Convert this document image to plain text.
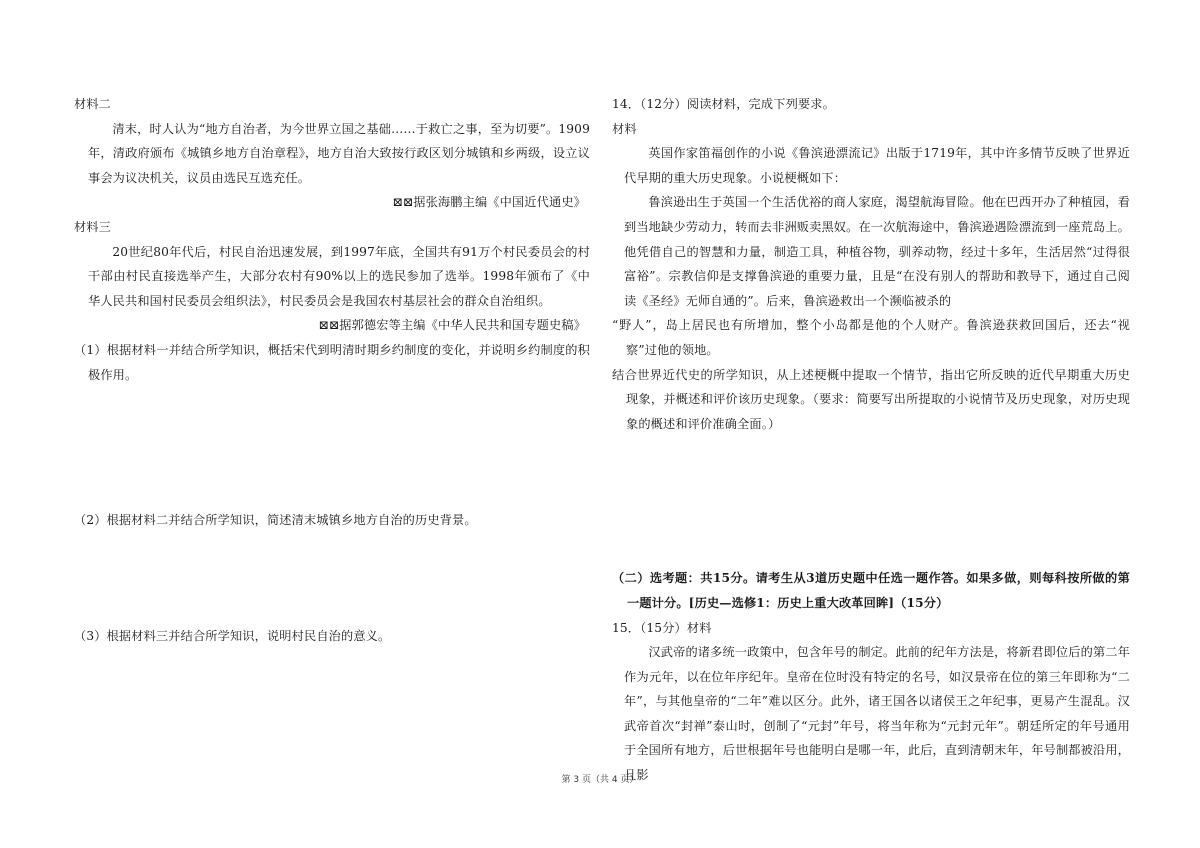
材料二

清末，时人认为“地方自治者，为今世界立国之基础……于救亡之事，至为切要”。1909年，清政府颁布《城镇乡地方自治章程》，地方自治大致按行政区划分城镇和乡两级，设立议事会为议决机关，议员由选民互选充任。

⊠⊠据张海鹏主编《中国近代通史》

材料三

20世纪80年代后，村民自治迅速发展，到1997年底，全国共有91万个村民委员会的村干部由村民直接选举产生，大部分农村有90%以上的选民参加了选举。1998年颁布了《中华人民共和国村民委员会组织法》，村民委员会是我国农村基层社会的群众自治组织。

⊠⊠据郭德宏等主编《中华人民共和国专题史稿》

（1）根据材料一并结合所学知识，概括宋代到明清时期乡约制度的变化，并说明乡约制度的积极作用。

（2）根据材料二并结合所学知识，简述清末城镇乡地方自治的历史背景。

（3）根据材料三并结合所学知识，说明村民自治的意义。

14．（12分）阅读材料，完成下列要求。

材料

英国作家笛福创作的小说《鲁滨逊漂流记》出版于1719年，其中许多情节反映了世界近代早期的重大历史现象。小说梗概如下：

鲁滨逊出生于英国一个生活优裕的商人家庭，渴望航海冒险。他在巴西开办了种植园，看到当地缺少劳动力，转而去非洲贩卖黑奴。在一次航海途中，鲁滨逊遇险漂流到一座荒岛上。他凭借自己的智慧和力量，制造工具，种植谷物，驯养动物，经过十多年，生活居然“过得很富裕”。宗教信仰是支撑鲁滨逊的重要力量，且是“在没有别人的帮助和教导下，通过自己阅读《圣经》无师自通的”。后来，鲁滨逊救出一个濒临被杀的

“野人”，岛上居民也有所增加，整个小岛都是他的个人财产。鲁滨逊获救回国后，还去“视察”过他的领地。

结合世界近代史的所学知识，从上述梗概中提取一个情节，指出它所反映的近代早期重大历史现象，并概述和评价该历史现象。（要求：简要写出所提取的小说情节及历史现象，对历史现象的概述和评价准确全面。）

（二）选考题：共15分。请考生从3道历史题中任选一题作答。如果多做，则每科按所做的第一题计分。[历史—选修1：历史上重大改革回眸]（15分）

15．（15分）材料

汉武帝的诸多统一政策中，包含年号的制定。此前的纪年方法是，将新君即位后的第二年作为元年，以在位年序纪年。皇帝在位时没有特定的名号，如汉景帝在位的第三年即称为“二年”，与其他皇帝的“二年”难以区分。此外，诸王国各以诸侯王之年纪事，更易产生混乱。汉武帝首次“封禅”泰山时，创制了“元封”年号，将当年称为“元封元年”。朝廷所定的年号通用于全国所有地方，后世根据年号也能明白是哪一年，此后，直到清朝末年，年号制都被沿用，且影

第 3 页（共 4 页）
